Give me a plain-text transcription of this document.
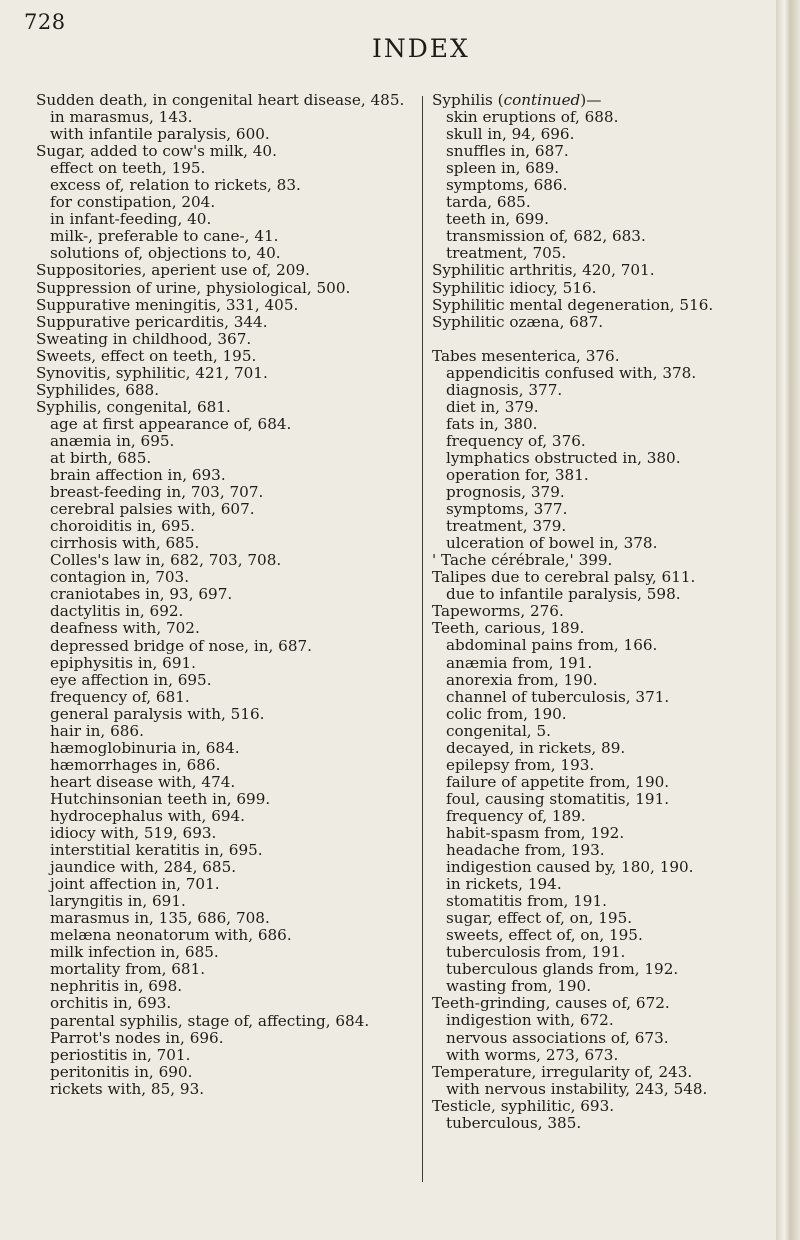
728
INDEX
Sudden death, in congenital heart disease, 485.
in marasmus, 143.
with infantile paralysis, 600.
Sugar, added to cow's milk, 40.
effect on teeth, 195.
excess of, relation to rickets, 83.
for constipation, 204.
in infant-feeding, 40.
milk-, preferable to cane-, 41.
solutions of, objections to, 40.
Suppositories, aperient use of, 209.
Suppression of urine, physiological, 500.
Suppurative meningitis, 331, 405.
Suppurative pericarditis, 344.
Sweating in childhood, 367.
Sweets, effect on teeth, 195.
Synovitis, syphilitic, 421, 701.
Syphilides, 688.
Syphilis, congenital, 681.
age at first appearance of, 684.
anæmia in, 695.
at birth, 685.
brain affection in, 693.
breast-feeding in, 703, 707.
cerebral palsies with, 607.
choroiditis in, 695.
cirrhosis with, 685.
Colles's law in, 682, 703, 708.
contagion in, 703.
craniotabes in, 93, 697.
dactylitis in, 692.
deafness with, 702.
depressed bridge of nose, in, 687.
epiphysitis in, 691.
eye affection in, 695.
frequency of, 681.
general paralysis with, 516.
hair in, 686.
hæmoglobinuria in, 684.
hæmorrhages in, 686.
heart disease with, 474.
Hutchinsonian teeth in, 699.
hydrocephalus with, 694.
idiocy with, 519, 693.
interstitial keratitis in, 695.
jaundice with, 284, 685.
joint affection in, 701.
laryngitis in, 691.
marasmus in, 135, 686, 708.
melæna neonatorum with, 686.
milk infection in, 685.
mortality from, 681.
nephritis in, 698.
orchitis in, 693.
parental syphilis, stage of, affecting, 684.
Parrot's nodes in, 696.
periostitis in, 701.
peritonitis in, 690.
rickets with, 85, 93.
Syphilis (continued)—
skin eruptions of, 688.
skull in, 94, 696.
snuffles in, 687.
spleen in, 689.
symptoms, 686.
tarda, 685.
teeth in, 699.
transmission of, 682, 683.
treatment, 705.
Syphilitic arthritis, 420, 701.
Syphilitic idiocy, 516.
Syphilitic mental degeneration, 516.
Syphilitic ozæna, 687.
Tabes mesenterica, 376.
appendicitis confused with, 378.
diagnosis, 377.
diet in, 379.
fats in, 380.
frequency of, 376.
lymphatics obstructed in, 380.
operation for, 381.
prognosis, 379.
symptoms, 377.
treatment, 379.
ulceration of bowel in, 378.
' Tache cérébrale,' 399.
Talipes due to cerebral palsy, 611.
due to infantile paralysis, 598.
Tapeworms, 276.
Teeth, carious, 189.
abdominal pains from, 166.
anæmia from, 191.
anorexia from, 190.
channel of tuberculosis, 371.
colic from, 190.
congenital, 5.
decayed, in rickets, 89.
epilepsy from, 193.
failure of appetite from, 190.
foul, causing stomatitis, 191.
frequency of, 189.
habit-spasm from, 192.
headache from, 193.
indigestion caused by, 180, 190.
in rickets, 194.
stomatitis from, 191.
sugar, effect of, on, 195.
sweets, effect of, on, 195.
tuberculosis from, 191.
tuberculous glands from, 192.
wasting from, 190.
Teeth-grinding, causes of, 672.
indigestion with, 672.
nervous associations of, 673.
with worms, 273, 673.
Temperature, irregularity of, 243.
with nervous instability, 243, 548.
Testicle, syphilitic, 693.
tuberculous, 385.
